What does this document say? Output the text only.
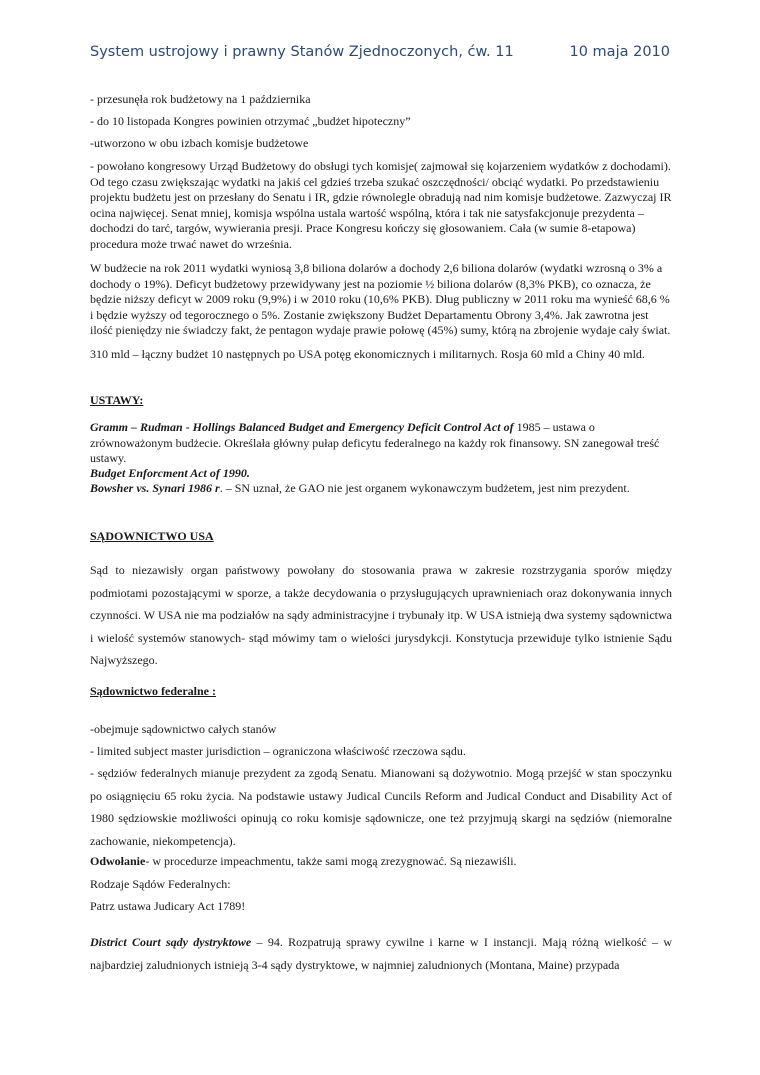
System ustrojowy i prawny Stanów Zjednoczonych, ćw. 11	10 maja 2010

- przesunęła rok budżetowy na 1 października

- do 10 listopada Kongres powinien otrzymać „budżet hipoteczny”

-utworzono w obu izbach komisje budżetowe

- powołano kongresowy Urząd Budżetowy do obsługi tych komisje( zajmował się kojarzeniem wydatków z dochodami). Od tego czasu zwiększając wydatki na jakiś cel gdzieś trzeba szukać oszczędności/ obciąć wydatki. Po przedstawieniu projektu budżetu jest on przesłany do Senatu i IR, gdzie równolegle obradują nad nim komisje budżetowe. Zazwyczaj IR ocina najwięcej. Senat mniej, komisja wspólna ustala wartość wspólną, która i tak nie satysfakcjonuje prezydenta – dochodzi do tarć, targów, wywierania presji. Prace Kongresu kończy się głosowaniem. Cała (w sumie 8-etapowa) procedura może trwać nawet do września.

W budżecie na rok 2011 wydatki wyniosą 3,8 biliona dolarów a dochody 2,6 biliona dolarów (wydatki wzrosną o 3% a dochody o 19%). Deficyt budżetowy przewidywany jest na poziomie ½ biliona dolarów (8,3% PKB), co oznacza, że będzie niższy deficyt w 2009 roku (9,9%) i w 2010 roku (10,6% PKB). Dług publiczny w 2011 roku ma wynieść 68,6 % i będzie wyższy od tegorocznego o 5%. Zostanie zwiększony Budżet Departamentu Obrony 3,4%. Jak zawrotna jest ilość pieniędzy nie świadczy fakt, że pentagon wydaje prawie połowę (45%) sumy, którą na zbrojenie wydaje cały świat.

310 mld – łączny budżet 10 następnych po USA potęg ekonomicznych i militarnych. Rosja 60 mld a Chiny 40 mld.

USTAWY:

Gramm – Rudman - Hollings Balanced Budget and Emergency Deficit Control Act of 1985 – ustawa o zrównoważonym budżecie. Określała główny pułap deficytu federalnego na każdy rok finansowy. SN zanegował treść ustawy.

Budget Enforcment Act of 1990.

Bowsher vs. Synari 1986 r. – SN uznał, że GAO nie jest organem wykonawczym budżetem, jest nim prezydent.

SĄDOWNICTWO USA

Sąd to niezawisły organ państwowy powołany do stosowania prawa w zakresie rozstrzygania sporów między podmiotami pozostającymi w sporze, a także decydowania o przysługujących uprawnieniach oraz dokonywania innych czynności. W USA nie ma podziałów na sądy administracyjne i trybunały itp. W USA istnieją dwa systemy sądownictwa i wielość systemów stanowych- stąd mówimy tam o wielości jurysdykcji. Konstytucja przewiduje tylko istnienie Sądu Najwyższego.

Sądownictwo federalne :

-obejmuje sądownictwo całych stanów

- limited subject master jurisdiction – ograniczona właściwość rzeczowa sądu.

- sędziów federalnych mianuje prezydent za zgodą Senatu. Mianowani są dożywotnio. Mogą przejść w stan spoczynku po osiągnięciu 65 roku życia. Na podstawie ustawy Judical Cuncils Reform and Judical Conduct and Disability Act of 1980 sędziowskie możliwości opinują co roku komisje sądownicze, one też przyjmują skargi na sędziów (niemoralne zachowanie, niekompetencja).

Odwołanie- w procedurze impeachmentu, także sami mogą zrezygnować. Są niezawiśli.

Rodzaje Sądów Federalnych:

Patrz ustawa Judicary Act 1789!

District Court sądy dystryktowe – 94. Rozpatrują sprawy cywilne i karne w I instancji. Mają różną wielkość – w najbardziej zaludnionych istnieją 3-4 sądy dystryktowe, w najmniej zaludnionych (Montana, Maine) przypada
